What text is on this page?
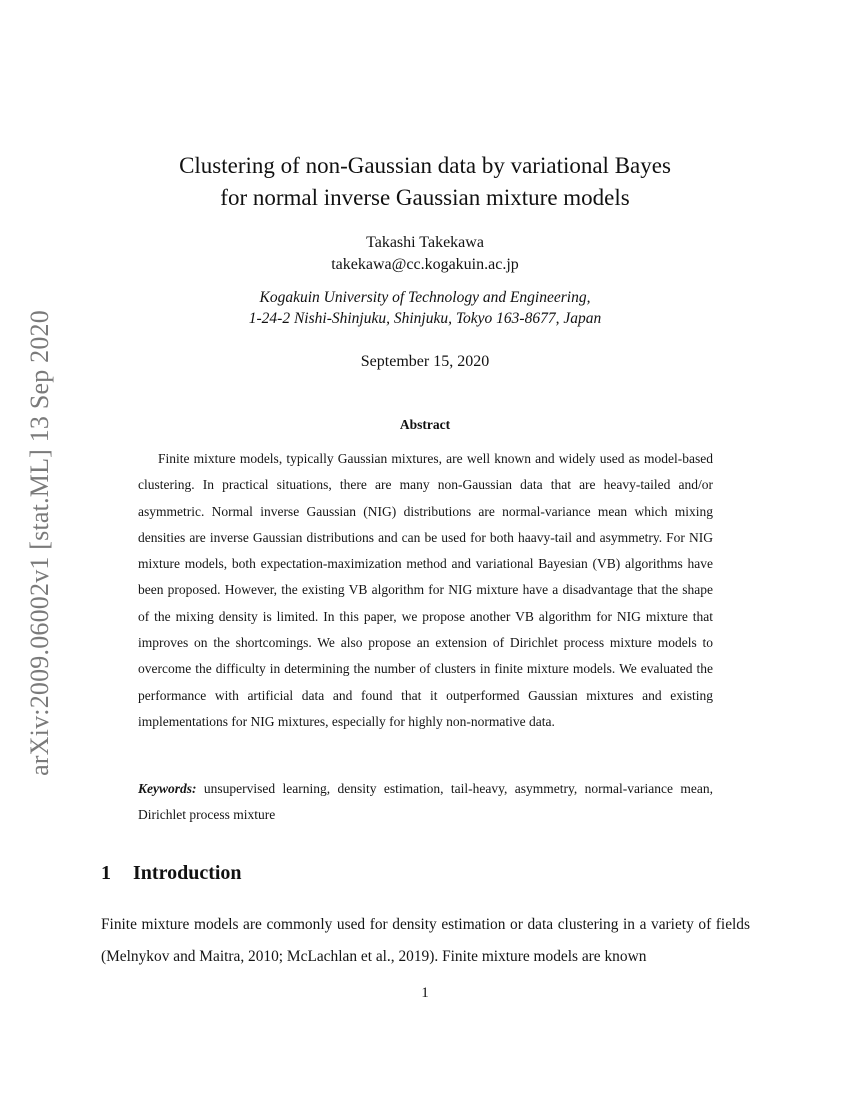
arXiv:2009.06002v1 [stat.ML] 13 Sep 2020
Clustering of non-Gaussian data by variational Bayes
for normal inverse Gaussian mixture models
Takashi Takekawa
takekawa@cc.kogakuin.ac.jp
Kogakuin University of Technology and Engineering,
1-24-2 Nishi-Shinjuku, Shinjuku, Tokyo 163-8677, Japan
September 15, 2020
Abstract

Finite mixture models, typically Gaussian mixtures, are well known and widely used as model-based clustering. In practical situations, there are many non-Gaussian data that are heavy-tailed and/or asymmetric. Normal inverse Gaussian (NIG) distributions are normal-variance mean which mixing densities are inverse Gaussian distributions and can be used for both haavy-tail and asymmetry. For NIG mixture models, both expectation-maximization method and variational Bayesian (VB) algorithms have been proposed. However, the existing VB algorithm for NIG mixture have a disadvantage that the shape of the mixing density is limited. In this paper, we propose another VB algorithm for NIG mixture that improves on the shortcomings. We also propose an extension of Dirichlet process mixture models to overcome the difficulty in determining the number of clusters in finite mixture models. We evaluated the performance with artificial data and found that it outperformed Gaussian mixtures and existing implementations for NIG mixtures, especially for highly non-normative data.

Keywords: unsupervised learning, density estimation, tail-heavy, asymmetry, normal-variance mean, Dirichlet process mixture

1 Introduction

Finite mixture models are commonly used for density estimation or data clustering in a variety of fields (Melnykov and Maitra, 2010; McLachlan et al., 2019). Finite mixture models are known

1
